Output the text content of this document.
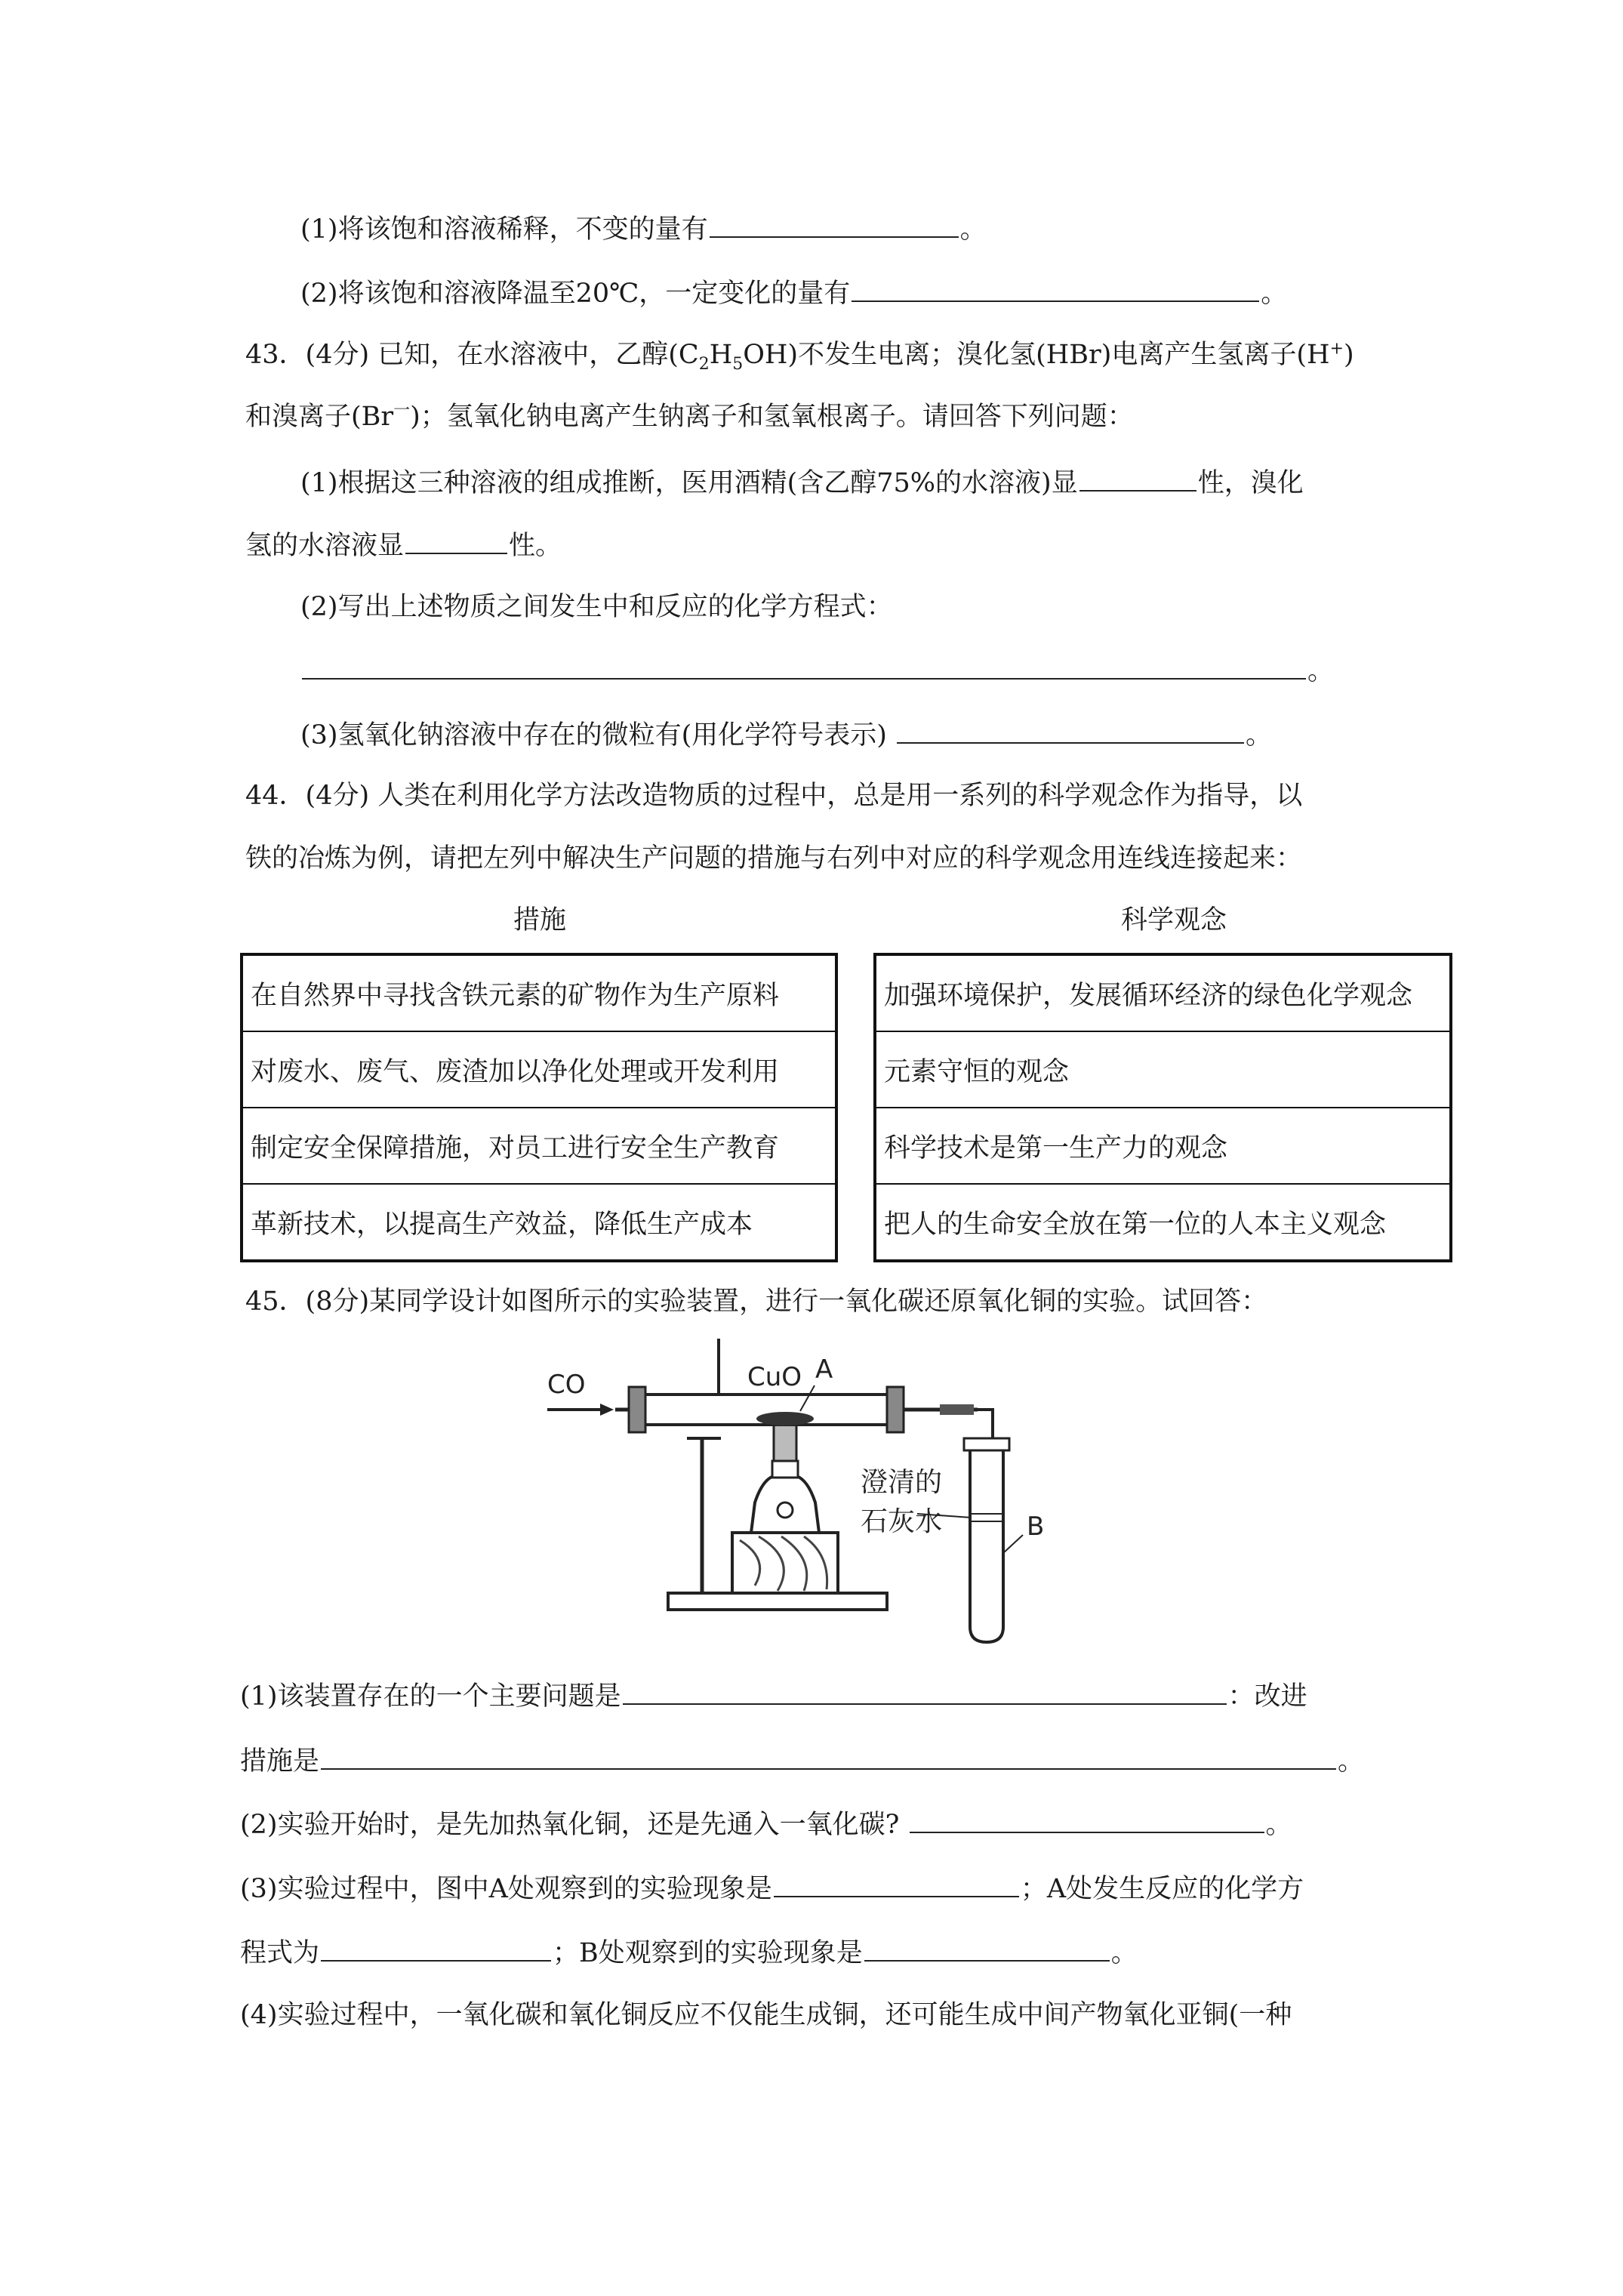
(1)将该饱和溶液稀释，不变的量有	。
(2)将该饱和溶液降温至20℃，一定变化的量有	。
43．(4分) 已知，在水溶液中，乙醇$(C_2H_5OH)$不发生电离；溴化氢(HBr)电离产生氢离子(H+)
和溴离子$(Br^一)$；氢氧化钠电离产生钠离子和氢氧根离子。请回答下列问题：
(1)根据这三种溶液的组成推断，医用酒精(含乙醇75%的水溶液)显	性，溴化
氢的水溶液显	性。
(2)写出上述物质之间发生中和反应的化学方程式：
。
(3)氢氧化钠溶液中存在的微粒有(用化学符号表示)	。
44．(4分) 人类在利用化学方法改造物质的过程中，总是用一系列的科学观念作为指导，以
铁的冶炼为例，请把左列中解决生产问题的措施与右列中对应的科学观念用连线连接起来：
措施	科学观念
在自然界中寻找含铁元素的矿物作为生产原料
对废水、废气、废渣加以净化处理或开发利用
制定安全保障措施，对员工进行安全生产教育
革新技术，以提高生产效益，降低生产成本
加强环境保护，发展循环经济的绿色化学观念
元素守恒的观念
科学技术是第一生产力的观念
把人的生命安全放在第一位的人本主义观念
45．(8分)某同学设计如图所示的实验装置，进行一氧化碳还原氧化铜的实验。试回答：
CO	CuO A
B
澄清的
石灰水
(1)该装置存在的一个主要问题是	：改进
措施是	。
(2)实验开始时，是先加热氧化铜，还是先通入一氧化碳?	。
(3)实验过程中，图中A处观察到的实验现象是	；A处发生反应的化学方
程式为	；B处观察到的实验现象是	。
(4)实验过程中，一氧化碳和氧化铜反应不仅能生成铜，还可能生成中间产物氧化亚铜(一种
